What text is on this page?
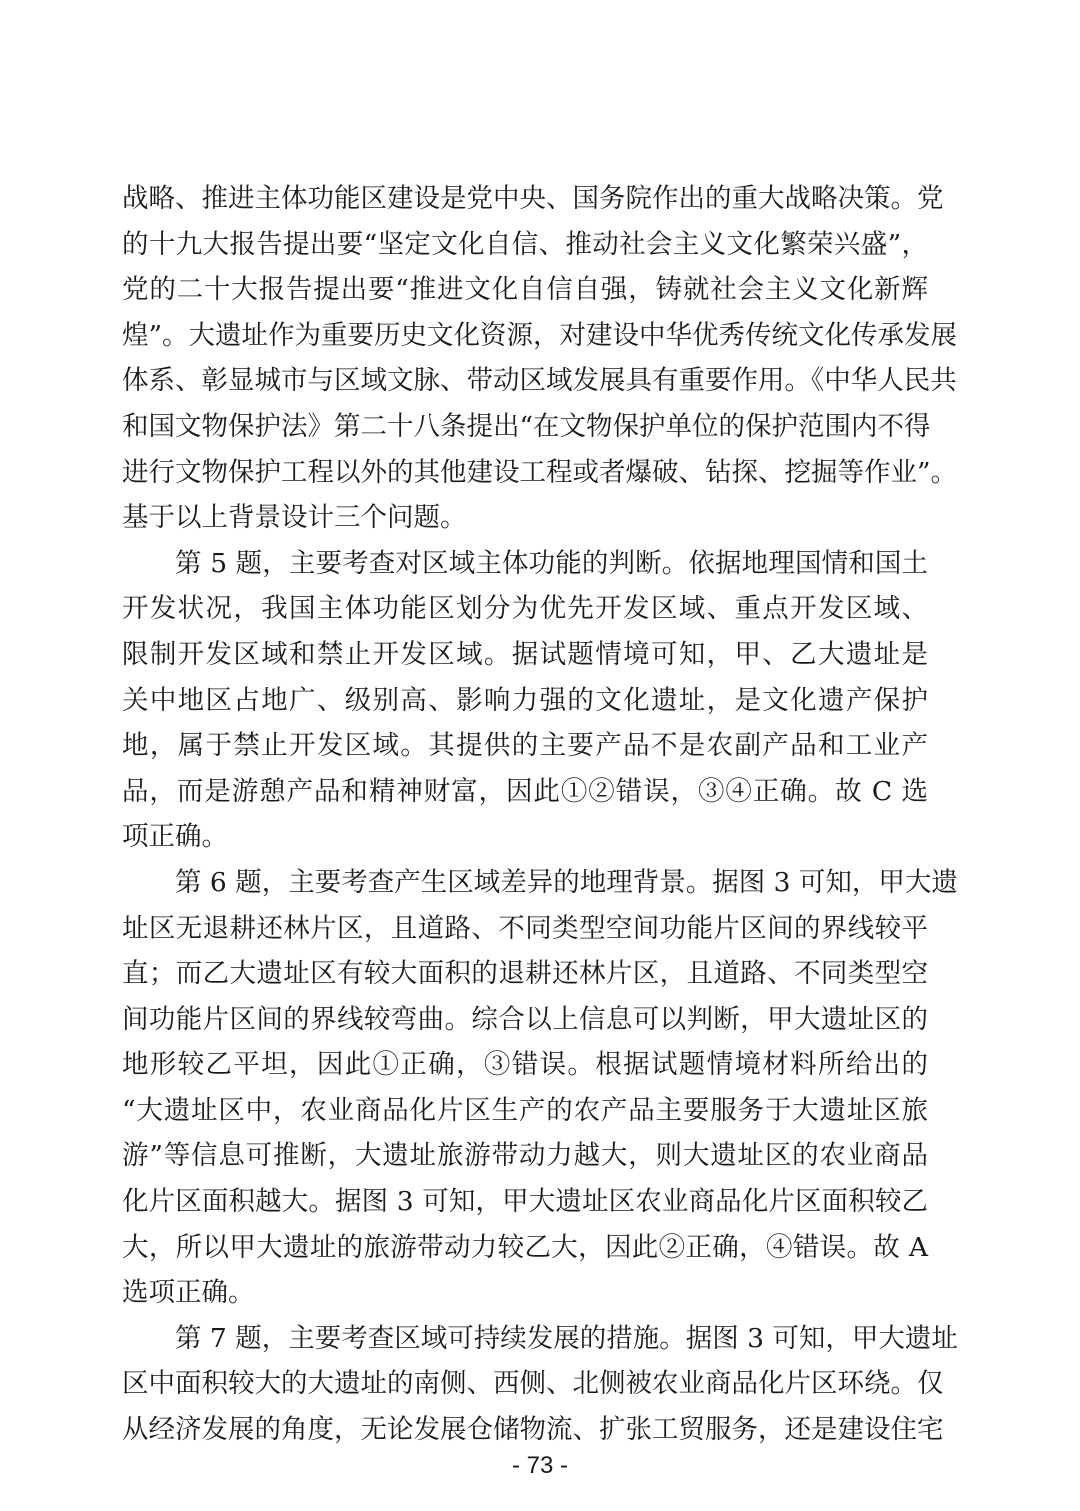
战略、推进主体功能区建设是党中央、国务院作出的重大战略决策。党
的十九大报告提出要“坚定文化自信、推动社会主义文化繁荣兴盛”，
党的二十大报告提出要“推进文化自信自强，铸就社会主义文化新辉
煌”。大遗址作为重要历史文化资源，对建设中华优秀传统文化传承发展
体系、彰显城市与区域文脉、带动区域发展具有重要作用。《中华人民共
和国文物保护法》第二十八条提出“在文物保护单位的保护范围内不得
进行文物保护工程以外的其他建设工程或者爆破、钻探、挖掘等作业”。
基于以上背景设计三个问题。
第 5 题，主要考查对区域主体功能的判断。依据地理国情和国土
开发状况，我国主体功能区划分为优先开发区域、重点开发区域、
限制开发区域和禁止开发区域。据试题情境可知，甲、乙大遗址是
关中地区占地广、级别高、影响力强的文化遗址，是文化遗产保护
地，属于禁止开发区域。其提供的主要产品不是农副产品和工业产
品，而是游憩产品和精神财富，因此①②错误，③④正确。故 C 选
项正确。
第 6 题，主要考查产生区域差异的地理背景。据图 3 可知，甲大遗
址区无退耕还林片区，且道路、不同类型空间功能片区间的界线较平
直；而乙大遗址区有较大面积的退耕还林片区，且道路、不同类型空
间功能片区间的界线较弯曲。综合以上信息可以判断，甲大遗址区的
地形较乙平坦，因此①正确，③错误。根据试题情境材料所给出的
“大遗址区中，农业商品化片区生产的农产品主要服务于大遗址区旅
游”等信息可推断，大遗址旅游带动力越大，则大遗址区的农业商品
化片区面积越大。据图 3 可知，甲大遗址区农业商品化片区面积较乙
大，所以甲大遗址的旅游带动力较乙大，因此②正确，④错误。故 A
选项正确。
第 7 题，主要考查区域可持续发展的措施。据图 3 可知，甲大遗址
区中面积较大的大遗址的南侧、西侧、北侧被农业商品化片区环绕。仅
从经济发展的角度，无论发展仓储物流、扩张工贸服务，还是建设住宅
- 73 -
